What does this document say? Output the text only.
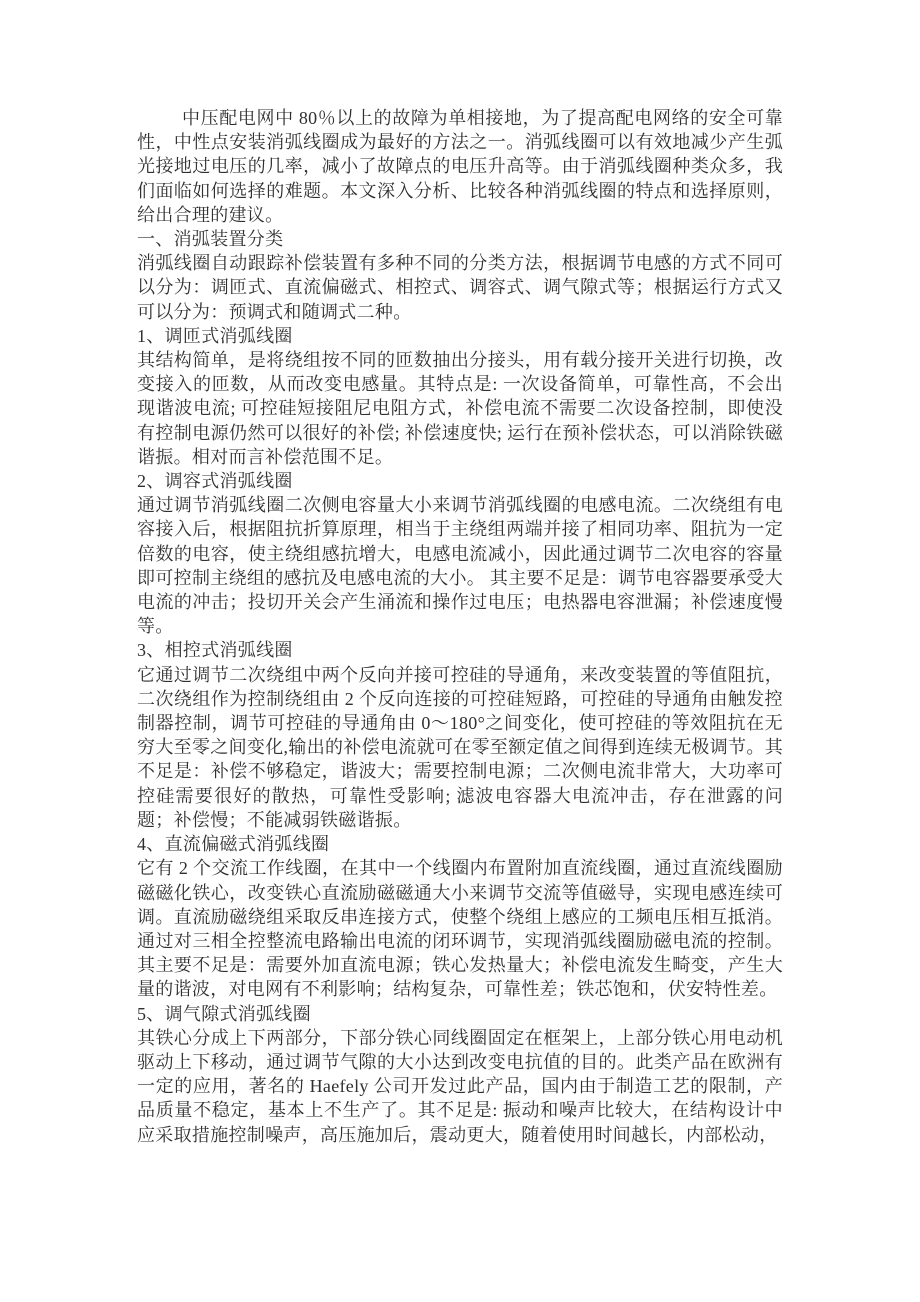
中压配电网中 80％以上的故障为单相接地，为了提高配电网络的安全可靠性，中性点安装消弧线圈成为最好的方法之一。消弧线圈可以有效地减少产生弧光接地过电压的几率，减小了故障点的电压升高等。由于消弧线圈种类众多，我们面临如何选择的难题。本文深入分析、比较各种消弧线圈的特点和选择原则，给出合理的建议。

一、消弧装置分类

消弧线圈自动跟踪补偿装置有多种不同的分类方法，根据调节电感的方式不同可以分为：调匝式、直流偏磁式、相控式、调容式、调气隙式等；根据运行方式又可以分为：预调式和随调式二种。

1、调匝式消弧线圈

其结构简单，是将绕组按不同的匝数抽出分接头，用有载分接开关进行切换，改变接入的匝数，从而改变电感量。其特点是: 一次设备简单，可靠性高，不会出现谐波电流; 可控硅短接阻尼电阻方式，补偿电流不需要二次设备控制，即使没有控制电源仍然可以很好的补偿; 补偿速度快; 运行在预补偿状态，可以消除铁磁谐振。相对而言补偿范围不足。

2、调容式消弧线圈

通过调节消弧线圈二次侧电容量大小来调节消弧线圈的电感电流。二次绕组有电容接入后，根据阻抗折算原理，相当于主绕组两端并接了相同功率、阻抗为一定倍数的电容，使主绕组感抗增大，电感电流减小，因此通过调节二次电容的容量即可控制主绕组的感抗及电感电流的大小。 其主要不足是：调节电容器要承受大电流的冲击；投切开关会产生涌流和操作过电压；电热器电容泄漏；补偿速度慢等。

3、相控式消弧线圈

它通过调节二次绕组中两个反向并接可控硅的导通角，来改变装置的等值阻抗，二次绕组作为控制绕组由 2 个反向连接的可控硅短路，可控硅的导通角由触发控制器控制，调节可控硅的导通角由 0～180°之间变化，使可控硅的等效阻抗在无穷大至零之间变化,输出的补偿电流就可在零至额定值之间得到连续无极调节。其不足是：补偿不够稳定，谐波大；需要控制电源；二次侧电流非常大，大功率可控硅需要很好的散热，可靠性受影响; 滤波电容器大电流冲击，存在泄露的问题；补偿慢；不能减弱铁磁谐振。

4、直流偏磁式消弧线圈

它有 2 个交流工作线圈，在其中一个线圈内布置附加直流线圈，通过直流线圈励磁磁化铁心，改变铁心直流励磁磁通大小来调节交流等值磁导，实现电感连续可调。直流励磁绕组采取反串连接方式，使整个绕组上感应的工频电压相互抵消。通过对三相全控整流电路输出电流的闭环调节，实现消弧线圈励磁电流的控制。其主要不足是：需要外加直流电源；铁心发热量大；补偿电流发生畸变，产生大量的谐波，对电网有不利影响；结构复杂，可靠性差；铁芯饱和，伏安特性差。

5、调气隙式消弧线圈

其铁心分成上下两部分，下部分铁心同线圈固定在框架上，上部分铁心用电动机驱动上下移动，通过调节气隙的大小达到改变电抗值的目的。此类产品在欧洲有一定的应用，著名的 Haefely 公司开发过此产品，国内由于制造工艺的限制，产品质量不稳定，基本上不生产了。其不足是: 振动和噪声比较大，在结构设计中应采取措施控制噪声，高压施加后，震动更大，随着使用时间越长，内部松动，
